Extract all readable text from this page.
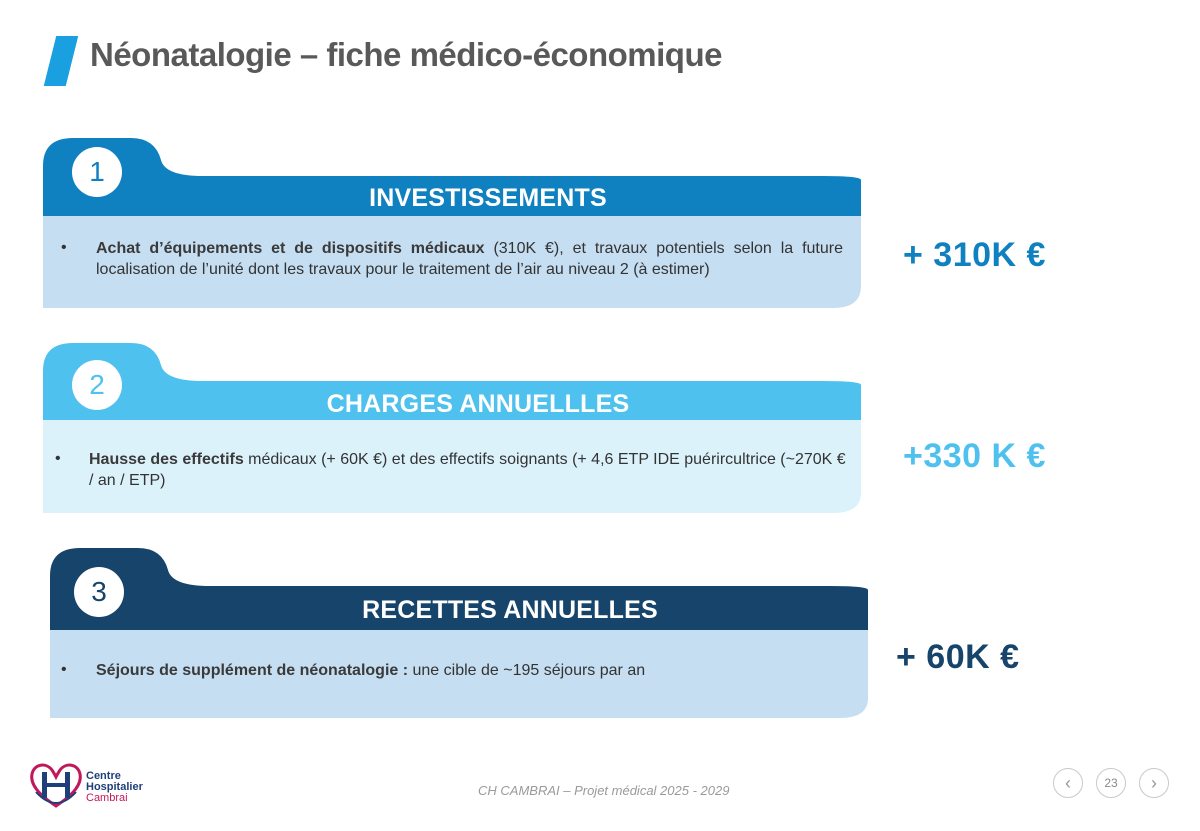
Néonatalogie – fiche médico-économique
1
INVESTISSEMENTS
• Achat d’équipements et de dispositifs médicaux (310K €), et travaux potentiels selon la future localisation de l’unité dont les travaux pour le traitement de l’air au niveau 2 (à estimer)	+ 310K €
2
CHARGES ANNUELLLES
• Hausse des effectifs médicaux (+ 60K €) et des effectifs soignants (+ 4,6 ETP IDE puérircultrice (~270K € / an / ETP)
+330 K €
3
RECETTES ANNUELLES
• Séjours de supplément de néonatalogie : une cible de ~195 séjours par an	+ 60K €
Centre
Hospitalier
Cambrai	CH CAMBRAI – Projet médical 2025 - 2029	‹	23	›
